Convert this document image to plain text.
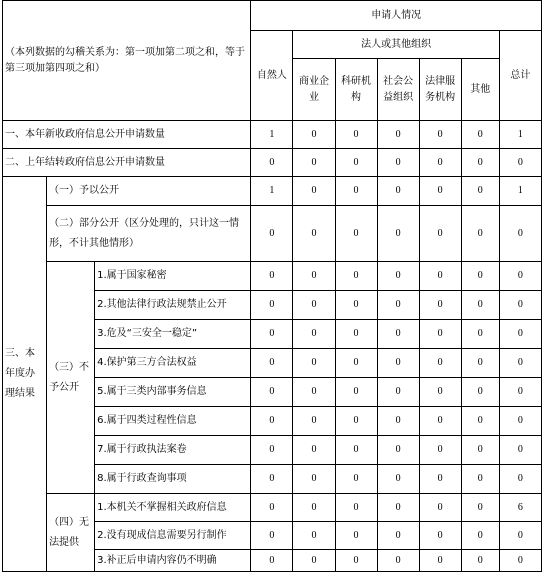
（本列数据的勾稽关系为：第一项加第二项之和，等于第三项加第四项之和）			申请人情况						
			自然人	法人或其他组织					总计
				商业企业	科研机构	社会公益组织	法律服务机构	其他	
一、本年新收政府信息公开申请数量			1	0	0	0	0	0	1
二、上年结转政府信息公开申请数量			0	0	0	0	0	0	0
三、本年度办理结果	（一）予以公开		1	0	0	0	0	0	1
	（二）部分公开（区分处理的，只计这一情形，不计其他情形）		0	0	0	0	0	0	0
	（三）不予公开	1.属于国家秘密	0	0	0	0	0	0	0
		2.其他法律行政法规禁止公开	0	0	0	0	0	0	0
		3.危及“三安全一稳定”	0	0	0	0	0	0	0
		4.保护第三方合法权益	0	0	0	0	0	0	0
		5.属于三类内部事务信息	0	0	0	0	0	0	0
		6.属于四类过程性信息	0	0	0	0	0	0	0
		7.属于行政执法案卷	0	0	0	0	0	0	0
		8.属于行政查询事项	0	0	0	0	0	0	0
	（四）无法提供	1.本机关不掌握相关政府信息	0	0	0	0	0	0	6
		2.没有现成信息需要另行制作	0	0	0	0	0	0	0
		3.补正后申请内容仍不明确	0	0	0	0	0	0	0
